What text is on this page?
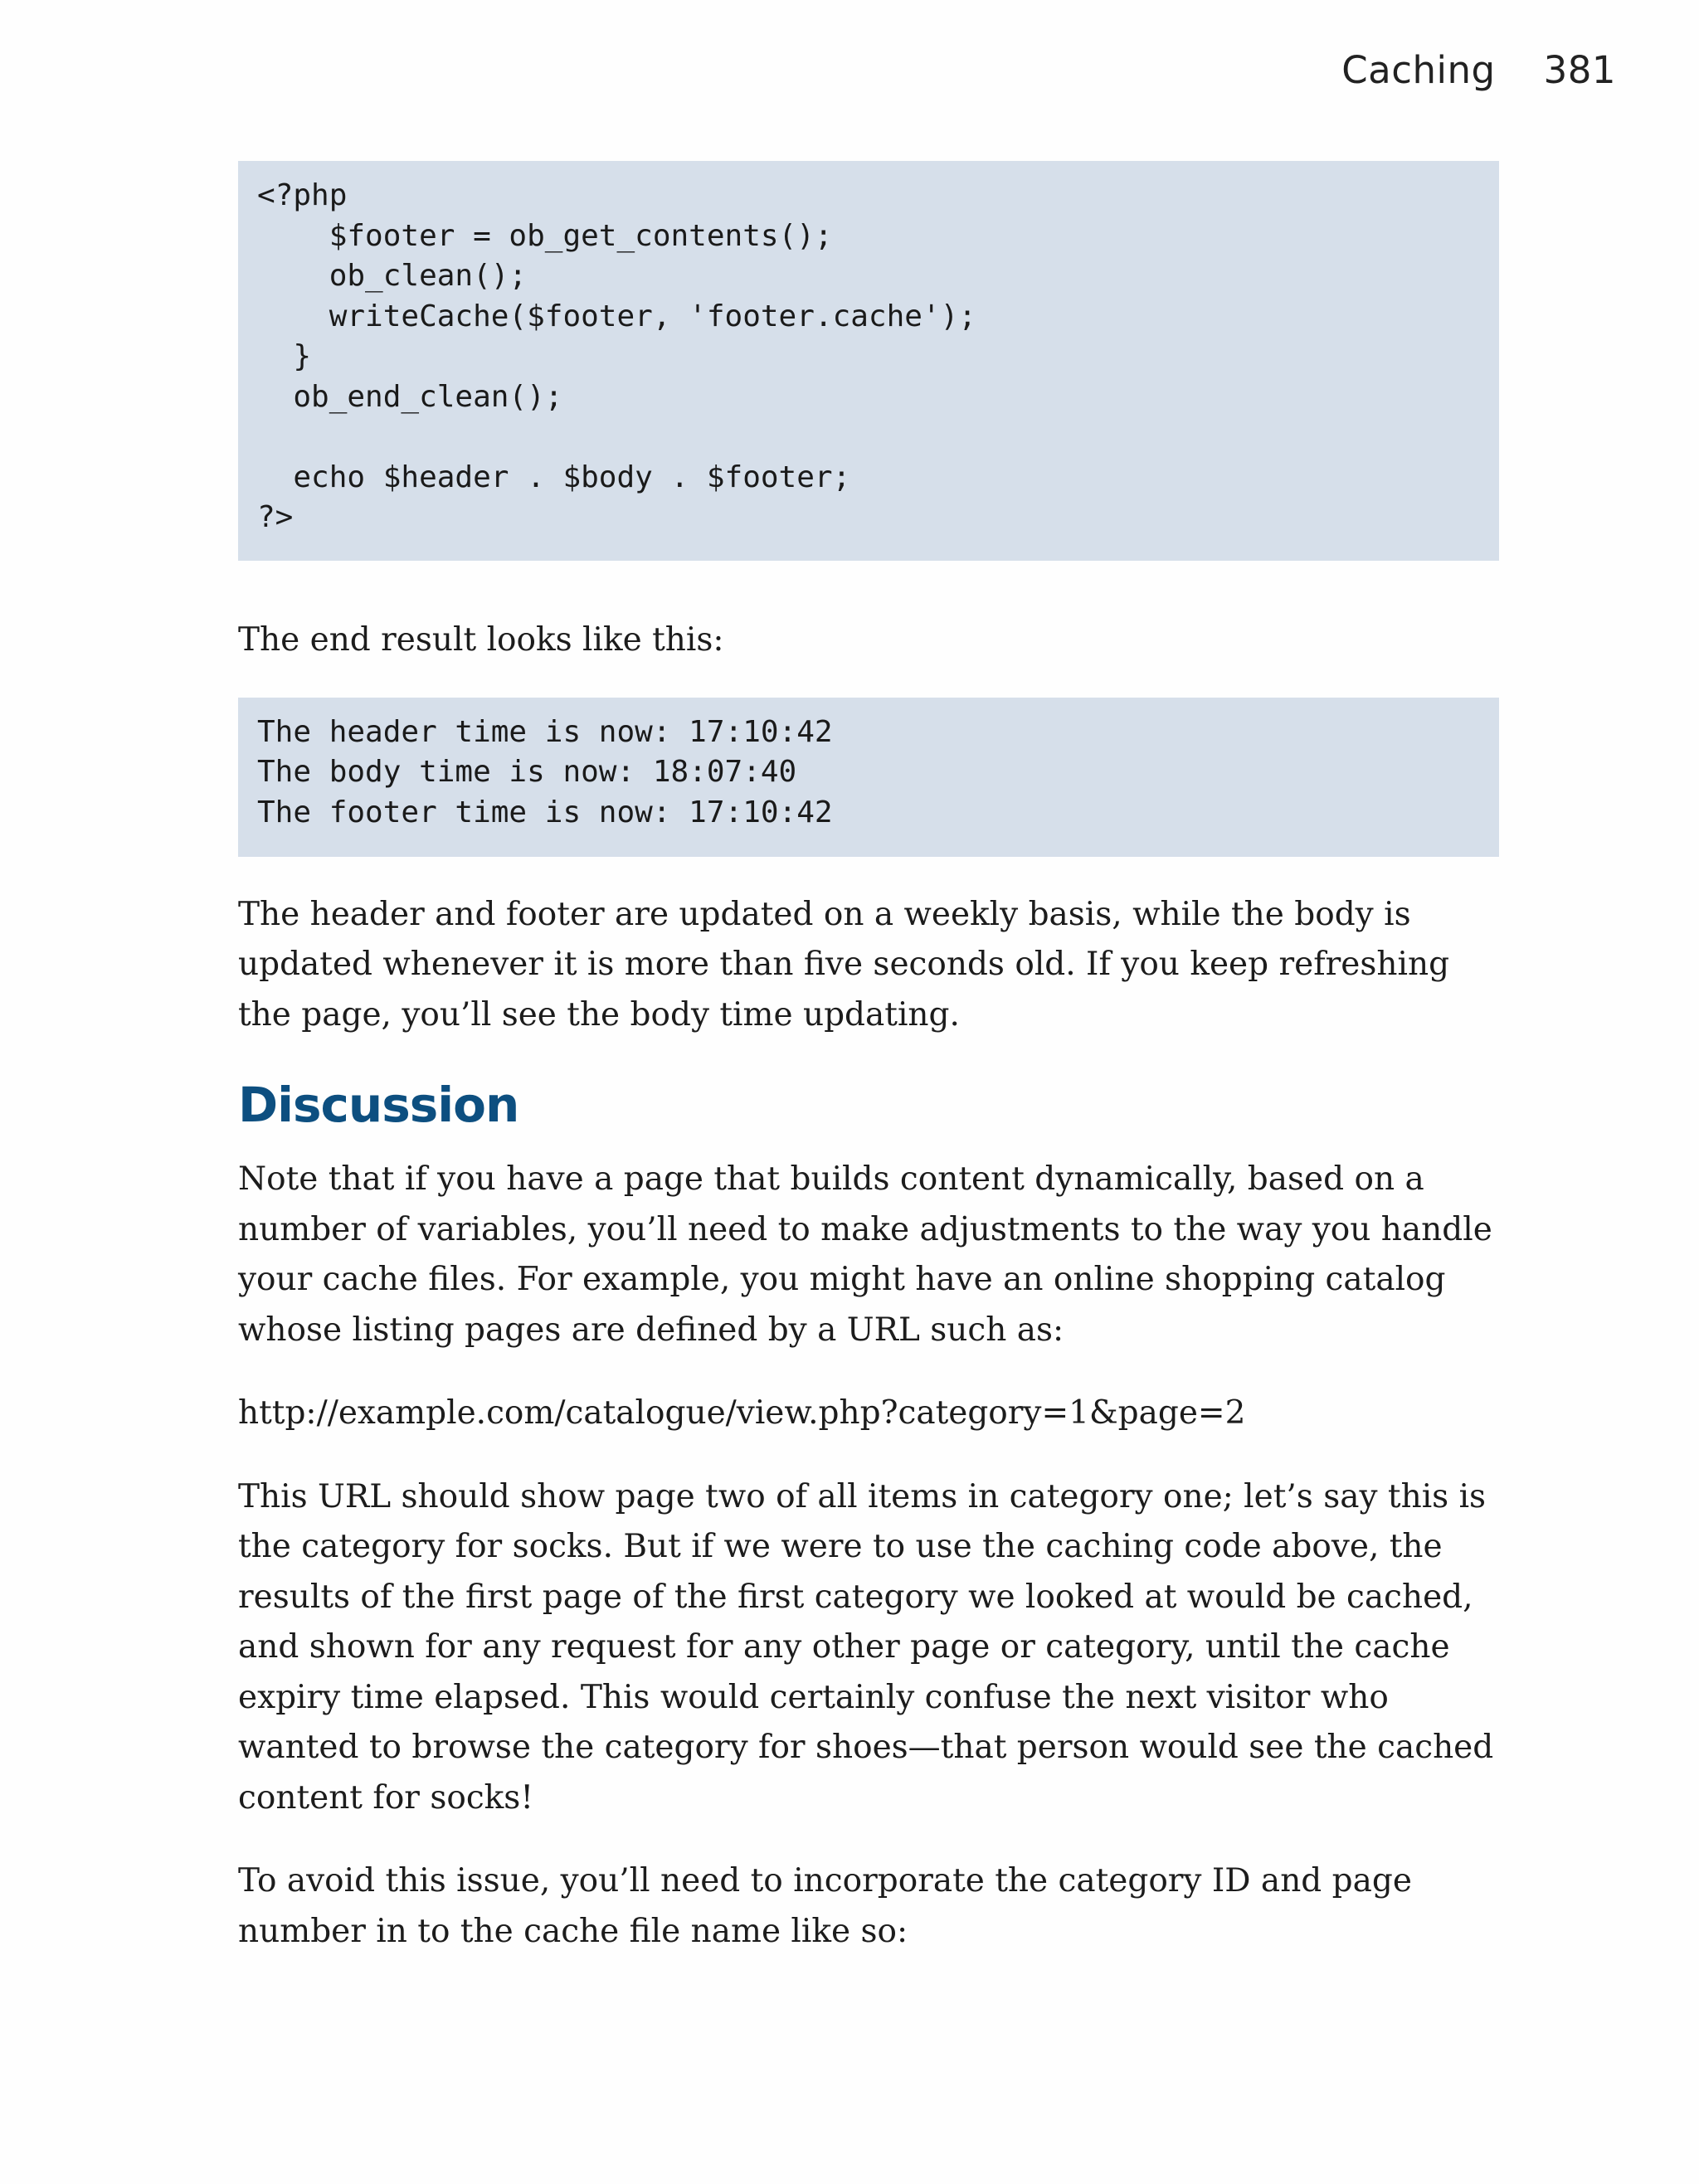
Caching 381
<?php
$footer = ob_get_contents();
ob_clean();
writeCache($footer, 'footer.cache');
}
ob_end_clean();

echo $header . $body . $footer;
?>

The end result looks like this:

The header time is now: 17:10:42
The body time is now: 18:07:40
The footer time is now: 17:10:42

The header and footer are updated on a weekly basis, while the body is updated whenever it is more than five seconds old. If you keep refreshing the page, you’ll see the body time updating.

Discussion

Note that if you have a page that builds content dynamically, based on a number of variables, you’ll need to make adjustments to the way you handle your cache files. For example, you might have an online shopping catalog whose listing pages are defined by a URL such as:

http://example.com/catalogue/view.php?category=1&page=2

This URL should show page two of all items in category one; let’s say this is the category for socks. But if we were to use the caching code above, the results of the first page of the first category we looked at would be cached, and shown for any request for any other page or category, until the cache expiry time elapsed. This would certainly confuse the next visitor who wanted to browse the category for shoes—that person would see the cached content for socks!

To avoid this issue, you’ll need to incorporate the category ID and page number in to the cache file name like so:
